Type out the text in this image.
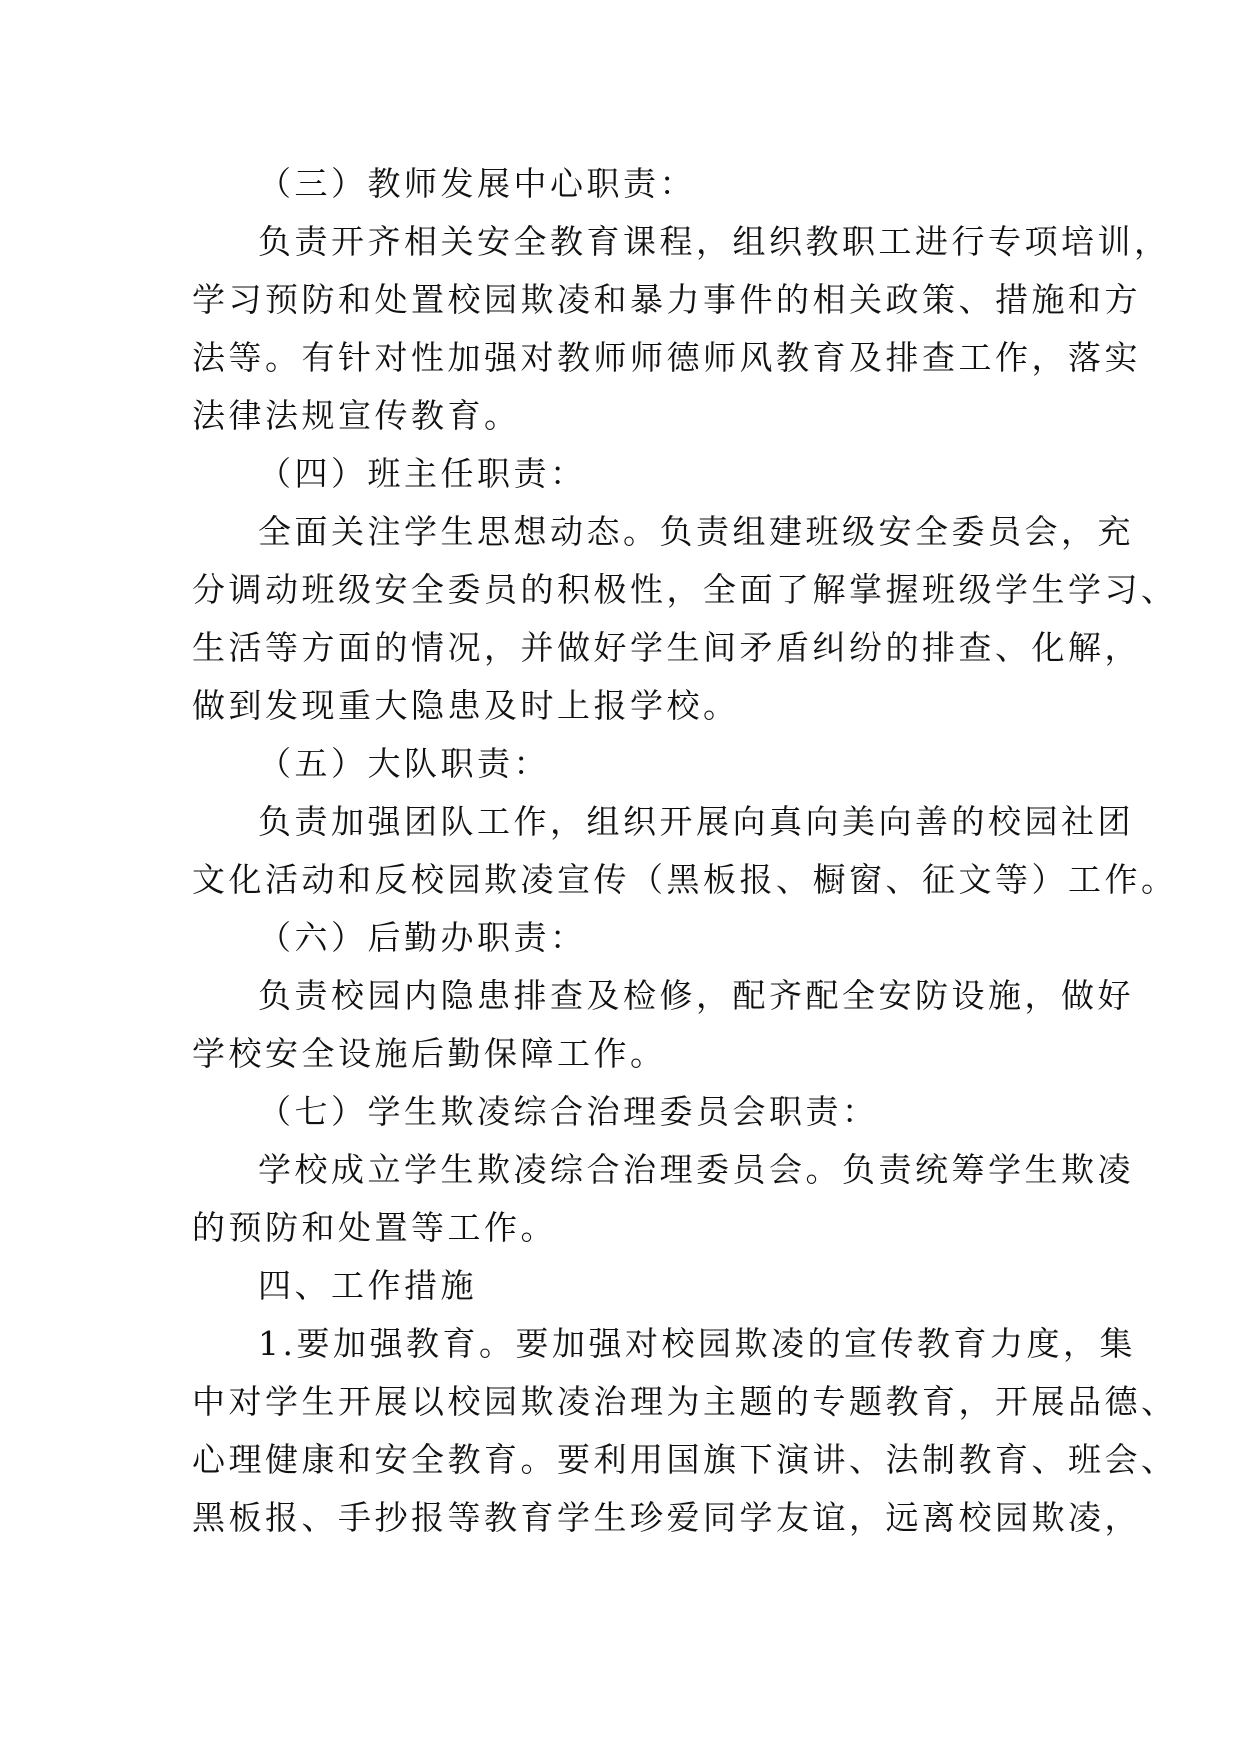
（三）教师发展中心职责：
负责开齐相关安全教育课程，组织教职工进行专项培训，
学习预防和处置校园欺凌和暴力事件的相关政策、措施和方
法等。有针对性加强对教师师德师风教育及排查工作，落实
法律法规宣传教育。
（四）班主任职责：
全面关注学生思想动态。负责组建班级安全委员会，充
分调动班级安全委员的积极性，全面了解掌握班级学生学习、
生活等方面的情况，并做好学生间矛盾纠纷的排查、化解，
做到发现重大隐患及时上报学校。
（五）大队职责：
负责加强团队工作，组织开展向真向美向善的校园社团
文化活动和反校园欺凌宣传（黑板报、橱窗、征文等）工作。
（六）后勤办职责：
负责校园内隐患排查及检修，配齐配全安防设施，做好
学校安全设施后勤保障工作。
（七）学生欺凌综合治理委员会职责：
学校成立学生欺凌综合治理委员会。负责统筹学生欺凌
的预防和处置等工作。
四、工作措施
1.要加强教育。要加强对校园欺凌的宣传教育力度，集
中对学生开展以校园欺凌治理为主题的专题教育，开展品德、
心理健康和安全教育。要利用国旗下演讲、法制教育、班会、
黑板报、手抄报等教育学生珍爱同学友谊，远离校园欺凌，
